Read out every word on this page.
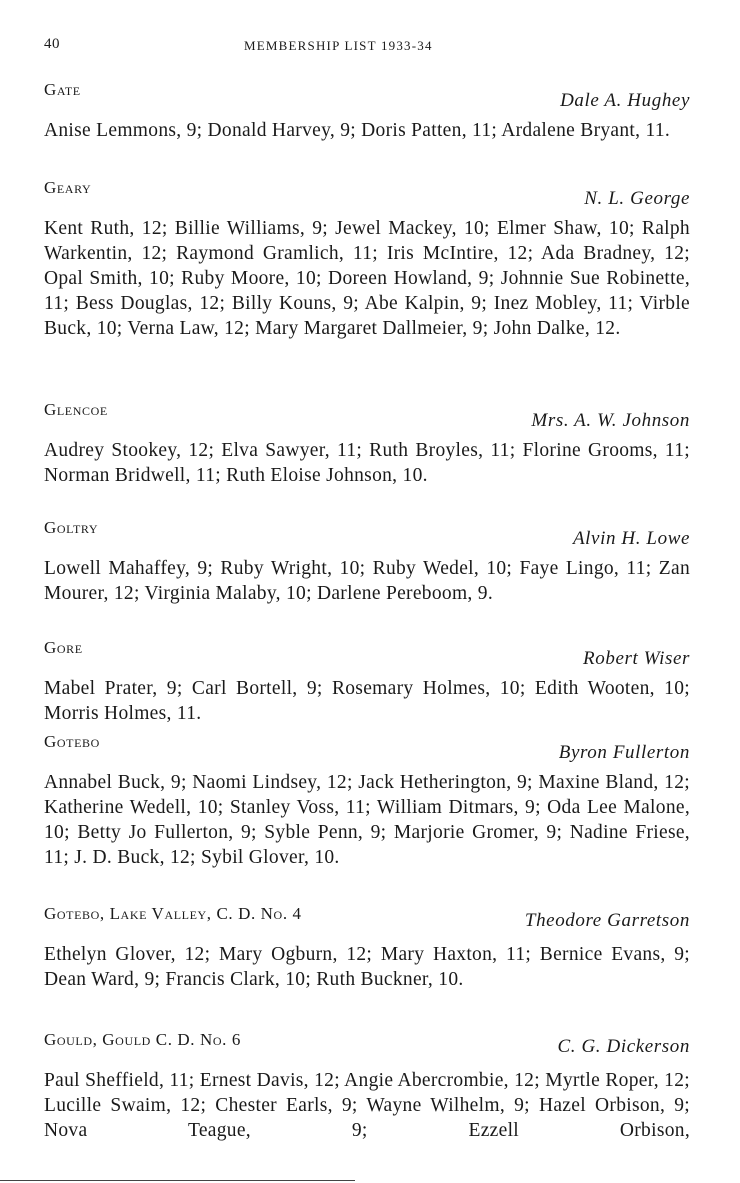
40	MEMBERSHIP LIST 1933-34
Gate
Dale A. Hughey

Anise Lemmons, 9; Donald Harvey, 9; Doris Patten, 11; Ardalene Bryant, 11.

Geary
N. L. George

Kent Ruth, 12; Billie Williams, 9; Jewel Mackey, 10; Elmer Shaw, 10; Ralph Warkentin, 12; Raymond Gramlich, 11; Iris McIntire, 12; Ada Bradney, 12; Opal Smith, 10; Ruby Moore, 10; Doreen Howland, 9; Johnnie Sue Robinette, 11; Bess Douglas, 12; Billy Kouns, 9; Abe Kalpin, 9; Inez Mobley, 11; Virble Buck, 10; Verna Law, 12; Mary Margaret Dallmeier, 9; John Dalke, 12.

Glencoe
Mrs. A. W. Johnson

Audrey Stookey, 12; Elva Sawyer, 11; Ruth Broyles, 11; Florine Grooms, 11; Norman Bridwell, 11; Ruth Eloise Johnson, 10.

Goltry
Alvin H. Lowe

Lowell Mahaffey, 9; Ruby Wright, 10; Ruby Wedel, 10; Faye Lingo, 11; Zan Mourer, 12; Virginia Malaby, 10; Darlene Pereboom, 9.

Gore
Robert Wiser

Mabel Prater, 9; Carl Bortell, 9; Rosemary Holmes, 10; Edith Wooten, 10; Morris Holmes, 11.

Gotebo
Byron Fullerton

Annabel Buck, 9; Naomi Lindsey, 12; Jack Hetherington, 9; Maxine Bland, 12; Katherine Wedell, 10; Stanley Voss, 11; William Ditmars, 9; Oda Lee Malone, 10; Betty Jo Fullerton, 9; Syble Penn, 9; Marjorie Gromer, 9; Nadine Friese, 11; J. D. Buck, 12; Sybil Glover, 10.

Gotebo, Lake Valley, C. D. No. 4	Theodore Garretson

Ethelyn Glover, 12; Mary Ogburn, 12; Mary Haxton, 11; Bernice Evans, 9; Dean Ward, 9; Francis Clark, 10; Ruth Buckner, 10.

Gould, Gould C. D. No. 6	C. G. Dickerson

Paul Sheffield, 11; Ernest Davis, 12; Angie Abercrombie, 12; Myrtle Roper, 12; Lucille Swaim, 12; Chester Earls, 9; Wayne Wilhelm, 9; Hazel Orbison, 9; Nova Teague, 9; Ezzell Orbison,
